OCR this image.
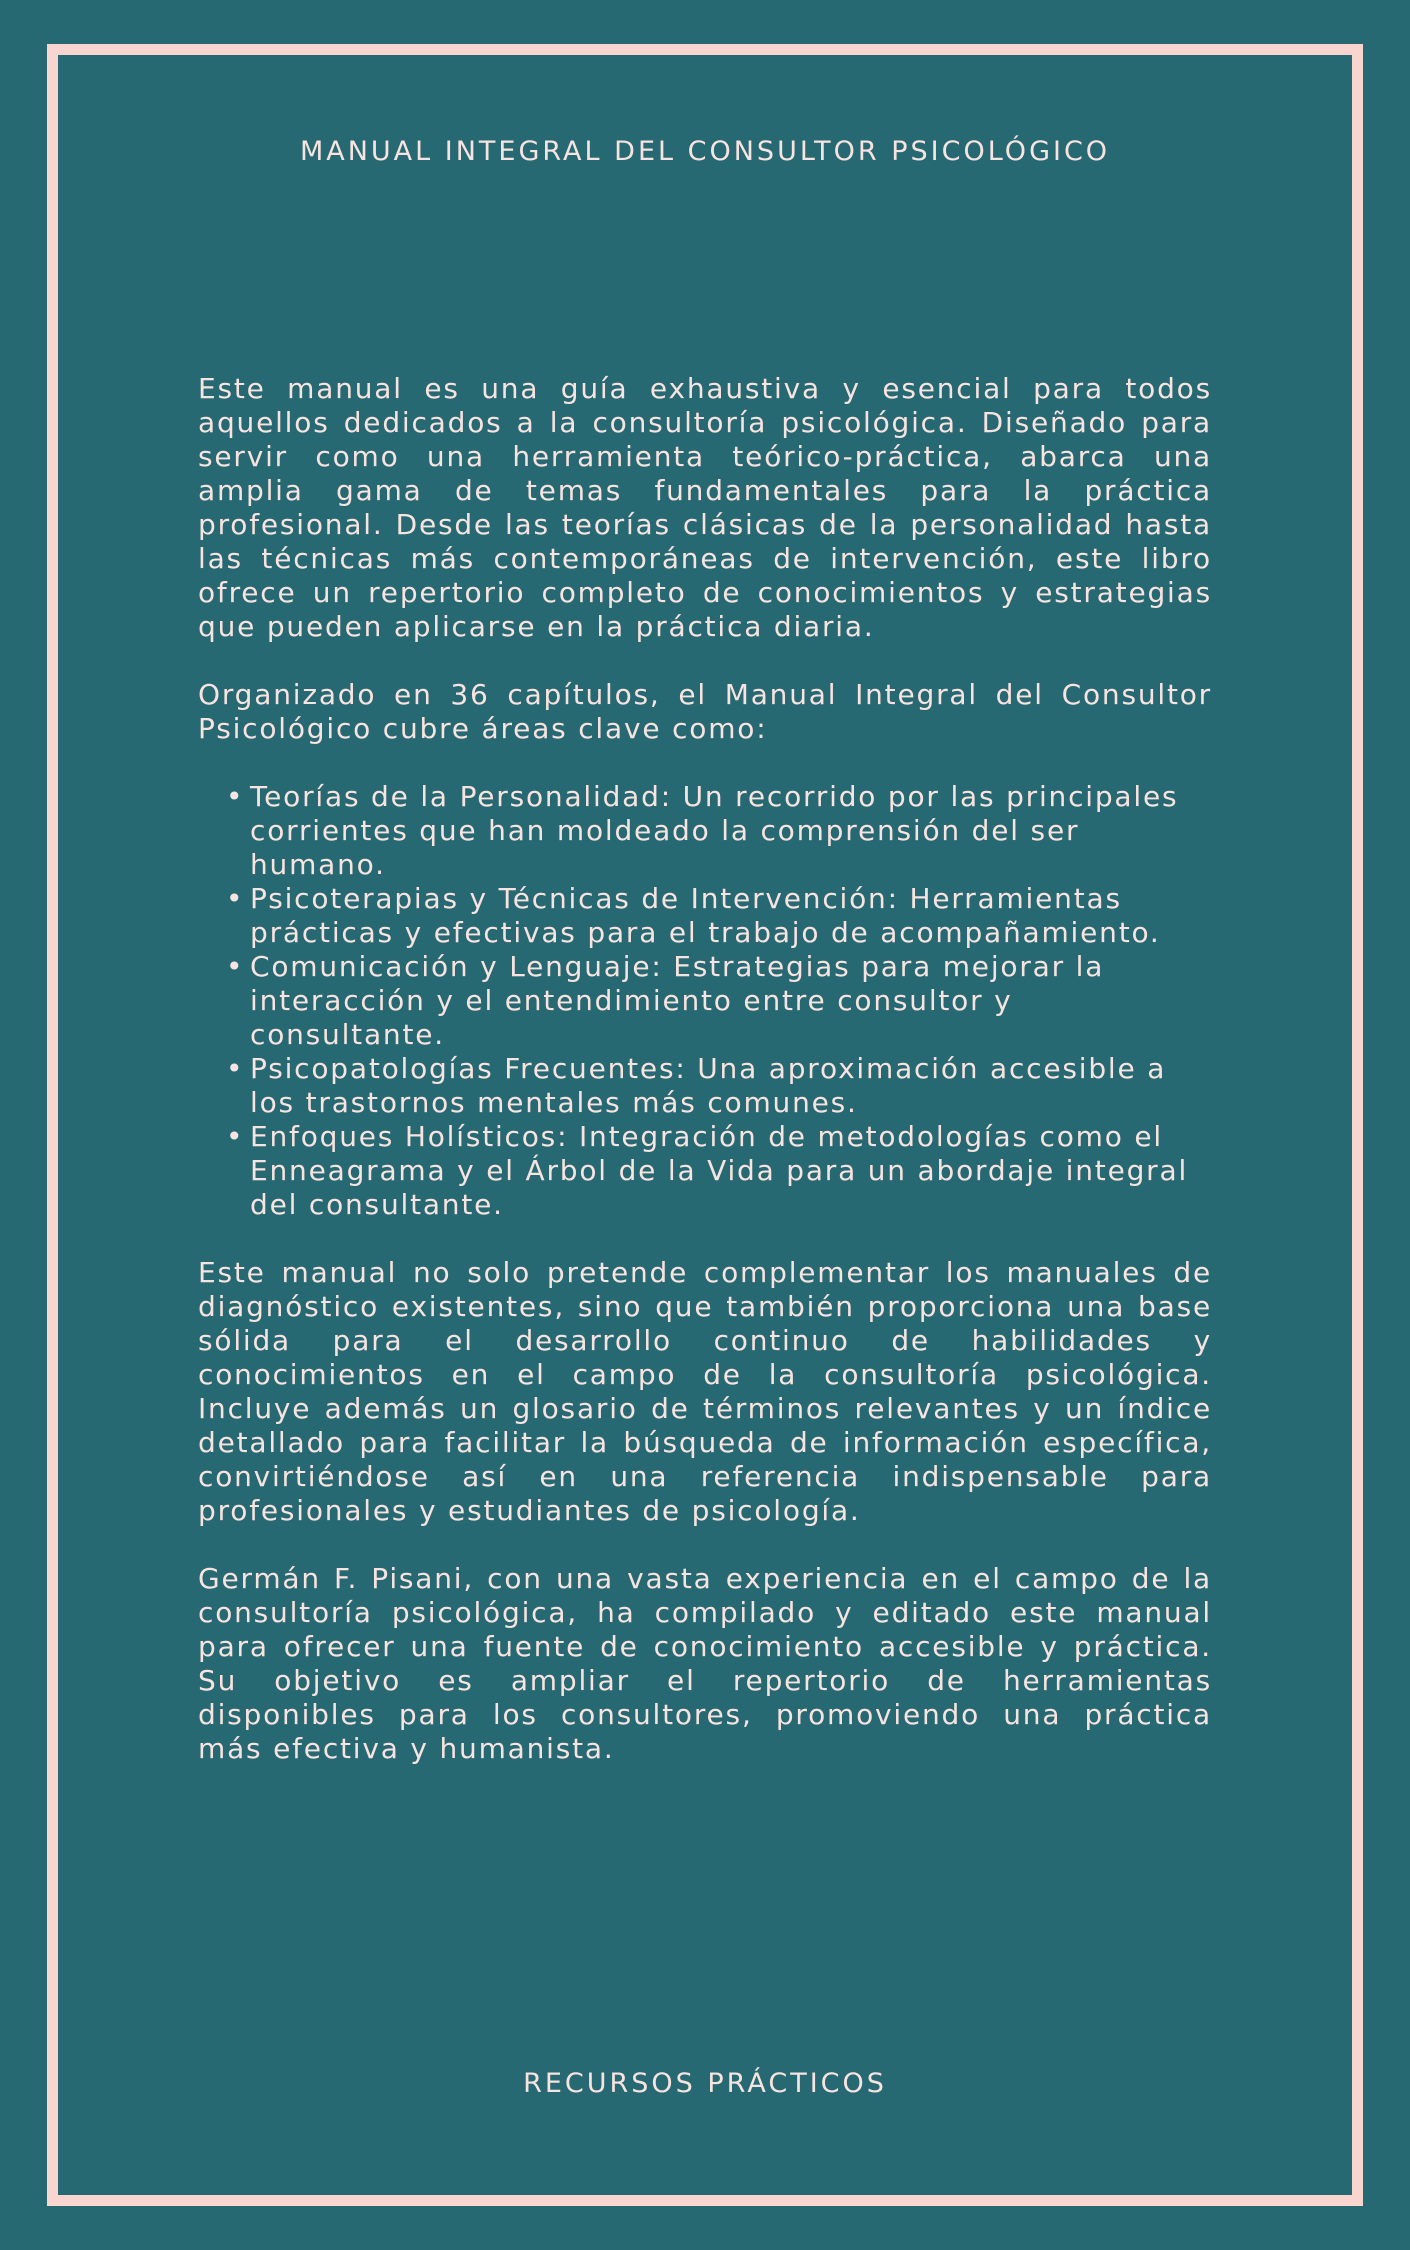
MANUAL INTEGRAL DEL CONSULTOR PSICOLÓGICO

Este manual es una guía exhaustiva y esencial para todos aquellos dedicados a la consultoría psicológica. Diseñado para servir como una herramienta teórico-práctica, abarca una amplia gama de temas fundamentales para la práctica profesional. Desde las teorías clásicas de la personalidad hasta las técnicas más contemporáneas de intervención, este libro ofrece un repertorio completo de conocimientos y estrategias que pueden aplicarse en la práctica diaria.

Organizado en 36 capítulos, el Manual Integral del Consultor Psicológico cubre áreas clave como:

• Teorías de la Personalidad: Un recorrido por las principales corrientes que han moldeado la comprensión del ser humano.
• Psicoterapias y Técnicas de Intervención: Herramientas prácticas y efectivas para el trabajo de acompañamiento.
• Comunicación y Lenguaje: Estrategias para mejorar la interacción y el entendimiento entre consultor y consultante.
• Psicopatologías Frecuentes: Una aproximación accesible a los trastornos mentales más comunes.
• Enfoques Holísticos: Integración de metodologías como el Enneagrama y el Árbol de la Vida para un abordaje integral del consultante.

Este manual no solo pretende complementar los manuales de diagnóstico existentes, sino que también proporciona una base sólida para el desarrollo continuo de habilidades y conocimientos en el campo de la consultoría psicológica. Incluye además un glosario de términos relevantes y un índice detallado para facilitar la búsqueda de información específica, convirtiéndose así en una referencia indispensable para profesionales y estudiantes de psicología.

Germán F. Pisani, con una vasta experiencia en el campo de la consultoría psicológica, ha compilado y editado este manual para ofrecer una fuente de conocimiento accesible y práctica. Su objetivo es ampliar el repertorio de herramientas disponibles para los consultores, promoviendo una práctica más efectiva y humanista.

RECURSOS PRÁCTICOS
